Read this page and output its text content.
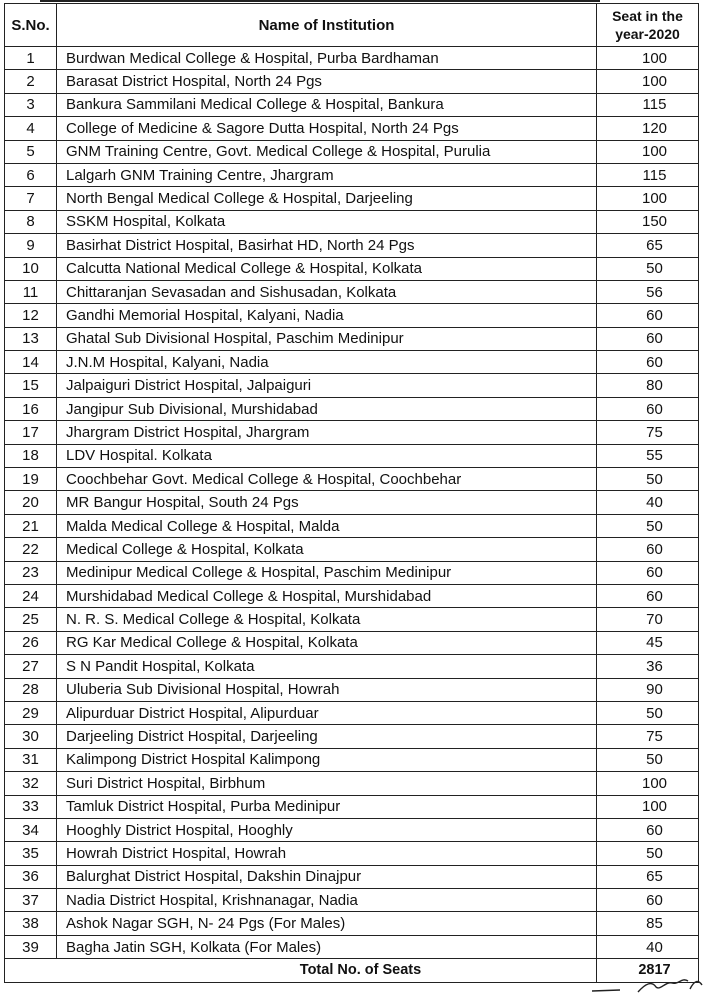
S.No.	Name of Institution	Seat in the
year-2020
1	Burdwan Medical College & Hospital, Purba Bardhaman	100
2	Barasat District Hospital, North 24 Pgs	100
3	Bankura Sammilani Medical College & Hospital, Bankura	115
4	College of Medicine & Sagore Dutta Hospital, North 24 Pgs	120
5	GNM Training Centre, Govt. Medical College & Hospital, Purulia	100
6	Lalgarh GNM Training Centre, Jhargram	115
7	North Bengal Medical College & Hospital, Darjeeling	100
8	SSKM Hospital, Kolkata	150
9	Basirhat District Hospital, Basirhat HD, North 24 Pgs	65
10	Calcutta National Medical College & Hospital, Kolkata	50
11	Chittaranjan Sevasadan and Sishusadan, Kolkata	56
12	Gandhi Memorial Hospital, Kalyani, Nadia	60
13	Ghatal Sub Divisional Hospital, Paschim Medinipur	60
14	J.N.M Hospital, Kalyani, Nadia	60
15	Jalpaiguri District Hospital, Jalpaiguri	80
16	Jangipur Sub Divisional, Murshidabad	60
17	Jhargram District Hospital, Jhargram	75
18	LDV Hospital. Kolkata	55
19	Coochbehar Govt. Medical College & Hospital, Coochbehar	50
20	MR Bangur Hospital, South 24 Pgs	40
21	Malda Medical College & Hospital, Malda	50
22	Medical College & Hospital, Kolkata	60
23	Medinipur Medical College & Hospital, Paschim Medinipur	60
24	Murshidabad Medical College & Hospital, Murshidabad	60
25	N. R. S. Medical College & Hospital, Kolkata	70
26	RG Kar Medical College & Hospital, Kolkata	45
27	S N Pandit Hospital, Kolkata	36
28	Uluberia Sub Divisional Hospital, Howrah	90
29	Alipurduar District Hospital, Alipurduar	50
30	Darjeeling District Hospital, Darjeeling	75
31	Kalimpong District Hospital Kalimpong	50
32	Suri District Hospital, Birbhum	100
33	Tamluk District Hospital, Purba Medinipur	100
34	Hooghly District Hospital, Hooghly	60
35	Howrah District Hospital, Howrah	50
36	Balurghat District Hospital, Dakshin Dinajpur	65
37	Nadia District Hospital, Krishnanagar, Nadia	60
38	Ashok Nagar SGH, N- 24 Pgs (For Males)	85
39	Bagha Jatin SGH, Kolkata (For Males)	40
Total No. of Seats		2817
